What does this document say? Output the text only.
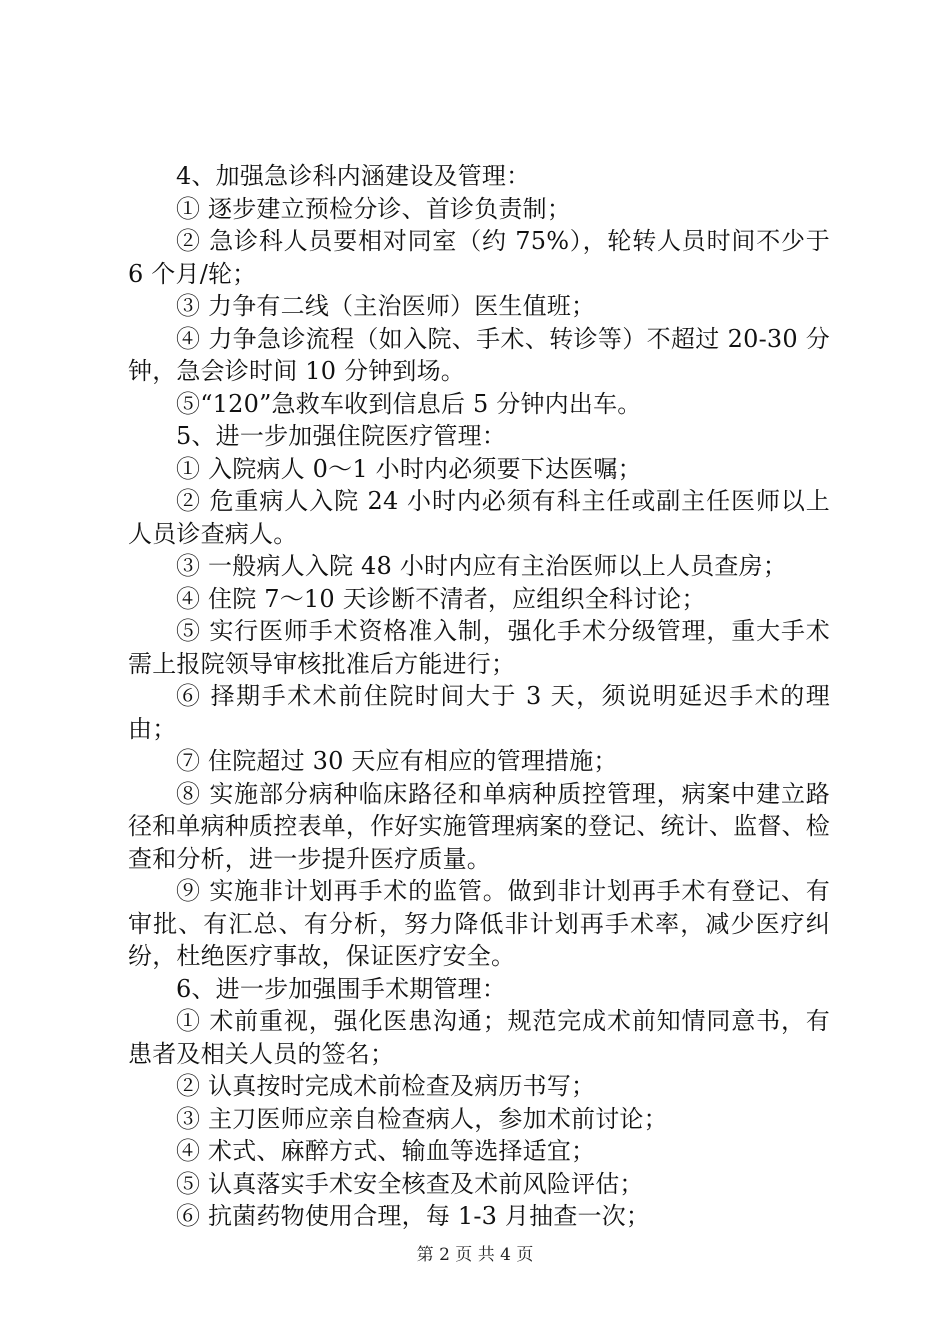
4、加强急诊科内涵建设及管理：

① 逐步建立预检分诊、首诊负责制；

② 急诊科人员要相对同室（约 75%），轮转人员时间不少于 6 个月/轮；

③ 力争有二线（主治医师）医生值班；

④ 力争急诊流程（如入院、手术、转诊等）不超过 20-30 分钟，急会诊时间 10 分钟到场。

⑤“120”急救车收到信息后 5 分钟内出车。

5、进一步加强住院医疗管理：

① 入院病人 0～1 小时内必须要下达医嘱；

② 危重病人入院 24 小时内必须有科主任或副主任医师以上人员诊查病人。

③ 一般病人入院 48 小时内应有主治医师以上人员查房；

④ 住院 7～10 天诊断不清者，应组织全科讨论；

⑤ 实行医师手术资格准入制，强化手术分级管理，重大手术需上报院领导审核批准后方能进行；

⑥ 择期手术术前住院时间大于 3 天，须说明延迟手术的理由；

⑦ 住院超过 30 天应有相应的管理措施；

⑧ 实施部分病种临床路径和单病种质控管理，病案中建立路径和单病种质控表单，作好实施管理病案的登记、统计、监督、检查和分析，进一步提升医疗质量。

⑨ 实施非计划再手术的监管。做到非计划再手术有登记、有审批、有汇总、有分析，努力降低非计划再手术率，减少医疗纠纷，杜绝医疗事故，保证医疗安全。

6、进一步加强围手术期管理：

① 术前重视，强化医患沟通；规范完成术前知情同意书，有患者及相关人员的签名；

② 认真按时完成术前检查及病历书写；

③ 主刀医师应亲自检查病人，参加术前讨论；

④ 术式、麻醉方式、输血等选择适宜；

⑤ 认真落实手术安全核查及术前风险评估；

⑥ 抗菌药物使用合理，每 1-3 月抽查一次；

第 2 页 共 4 页
